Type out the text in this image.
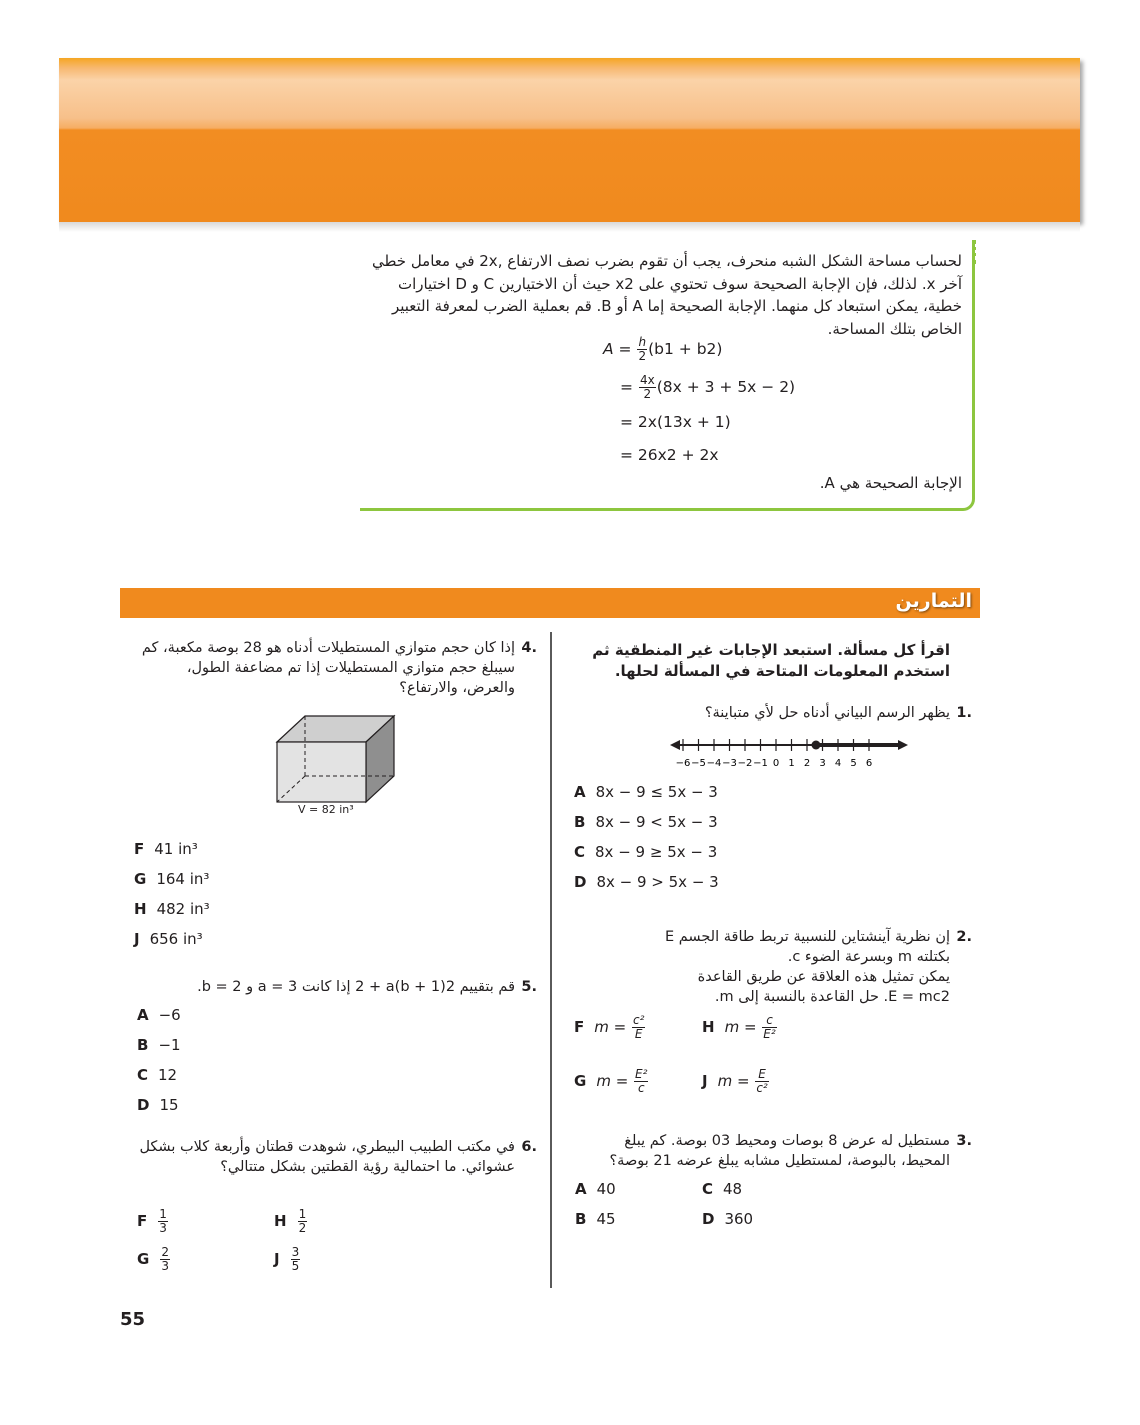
لحساب مساحة الشكل الشبه منحرف، يجب أن تقوم بضرب نصف الارتفاع ,2x في معامل خطي آخر x. لذلك، فإن الإجابة الصحيحة سوف تحتوي على x2 حيث أن الاختيارين C و D اختيارات خطية، يمكن استبعاد كل منهما. الإجابة الصحيحة إما A أو B. قم بعملية الضرب لمعرفة التعبير الخاص بتلك المساحة.
$A = \frac{h}{2} (b1 + b2)$
= $\frac{4x}{2} (8x + 3 + 5x - 2)$
= 2x(13x + 1)
= 26x2 + 2x
الإجابة الصحيحة هي A.
التمارين
اقرأ كل مسألة. استبعد الإجابات غير المنطقية ثم استخدم المعلومات المتاحة في المسألة لحلها.
1.
يظهر الرسم البياني أدناه حل لأي متباينة؟
−6 −5 −4 −3 −2 −1 0 1 2 3 4 5 6
A 8x − 9 ≤ 5x − 3
B 8x − 9 < 5x − 3
C 8x − 9 ≥ 5x − 3
D 8x − 9 > 5x − 3
2.
إن نظرية آينشتاين للنسبية تربط طاقة الجسم E
بكتلته m وبسرعة الضوء c.
يمكن تمثيل هذه العلاقة عن طريق القاعدة
E = mc2. حل القاعدة بالنسبة إلى m.
F $m = \frac{\text{c²}}{E}$	H $m = \frac{c}{\text{E²}}$
G $m = \frac{\text{E²}}{c}$	J $m = \frac{E}{\text{c²}}$
3.
مستطيل له عرض 8 بوصات ومحيط 03 بوصة. كم يبلغ المحيط، بالبوصة، لمستطيل مشابه يبلغ عرضه 21 بوصة؟
A 40	C 48
B 45	D 360
4.
إذا كان حجم متوازي المستطيلات أدناه هو 28 بوصة مكعبة، كم سيبلغ حجم متوازي المستطيلات إذا تم مضاعفة الطول، والعرض، والارتفاع؟
V = 82 in³
F 41 in³
G 164 in³
H 482 in³
J 656 in³
5.
قم بتقييم 2(b + 1)2 + a إذا كانت a = 3 و b = 2.
A −6
B −1
C 12
D 15
6.
في مكتب الطبيب البيطري، شوهدت قطتان وأربعة كلاب بشكل عشوائي. ما احتمالية رؤية القطتين بشكل متتالي؟
F $\frac{1}{3}$	H $\frac{1}{2}$
G $\frac{2}{3}$	J $\frac{3}{5}$
55
